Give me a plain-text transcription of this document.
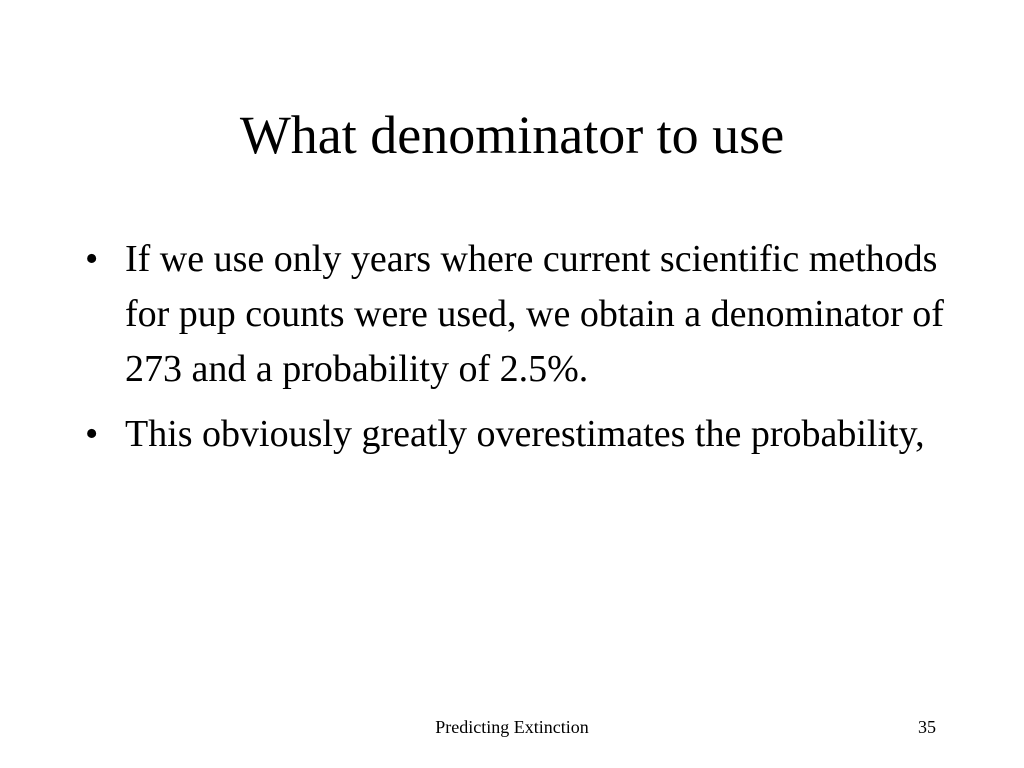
What denominator to use
• If we use only years where current scientific methods for pup counts were used, we obtain a denominator of 273 and a probability of 2.5%.
• This obviously greatly overestimates the probability,
Predicting Extinction	35
